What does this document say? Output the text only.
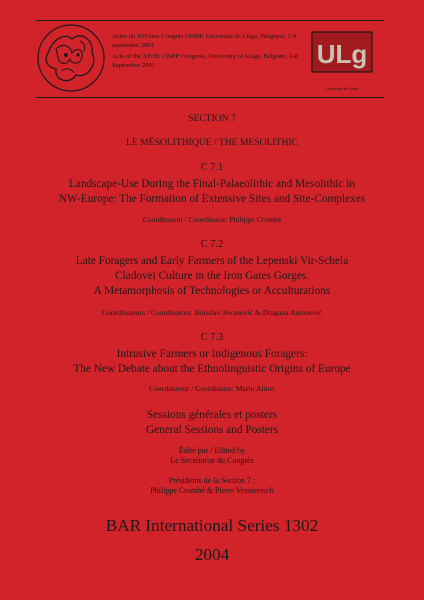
Actes du XIVème Congrès UISPP, Université de Liège, Belgique, 2-8 septembre 2001

Acts of the XIVth UISPP Congress, University of Liège, Belgium, 2-8 September 2001	ULg
Université de Liège
SECTION 7
LE MÉSOLITHIQUE / THE MESOLITHIC
C 7.1
Landscape-Use During the Final-Palaeolithic and Mesolithic in
NW-Europe: The Formation of Extensive Sites and Site-Complexes
Coordinateur / Coordinator: Philippe Crombé
C 7.2
Late Foragers and Early Farmers of the Lepenski Vir-Schela
Cladovei Culture in the Iron Gates Gorges.
A Metamorphosis of Technologies or Acculturations
Coordinateurs / Coordinators: Borislav Jovanović & Dragana Antonović
C 7.3
Intrusive Farmers or Indigenous Foragers:
The New Debate about the Ethnolinguistic Origins of Europe
Coordinateur / Coordinator: Mario Alinei
Sessions générales et posters
General Sessions and Posters
Édité par / Edited by
Le Secrétariat du Congrès
Présidents de la Section 7 :
Philippe Crombé & Pierre Vermeersch
BAR International Series 1302
2004
